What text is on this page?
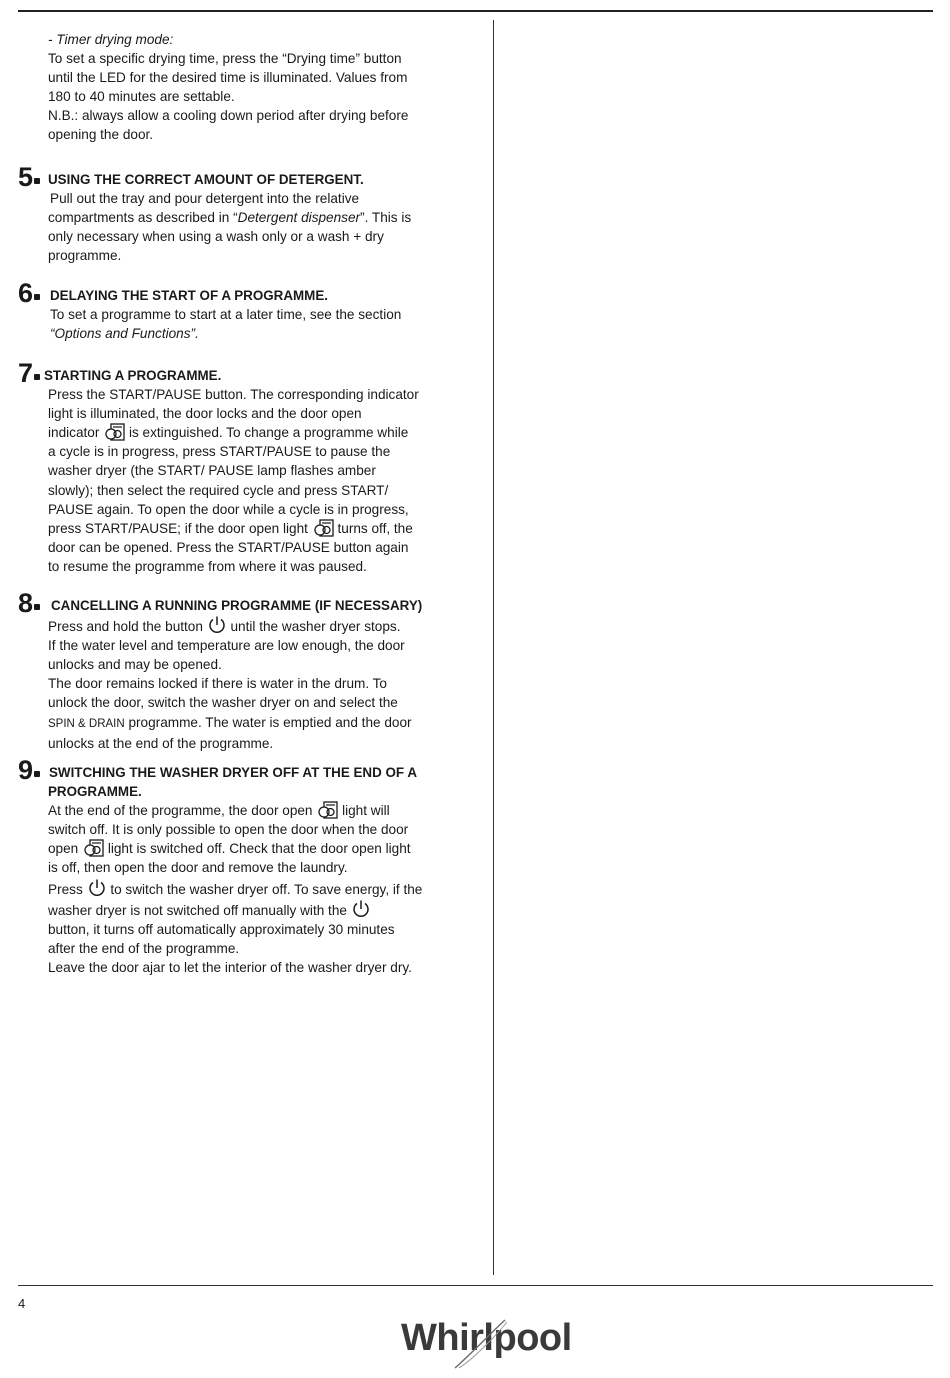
- Timer drying mode:
To set a specific drying time, press the “Drying time” button
until the LED for the desired time is illuminated. Values from
180 to 40 minutes are settable.
N.B.: always allow a cooling down period after drying before
opening the door.
5	USING THE CORRECT AMOUNT OF DETERGENT.
Pull out the tray and pour detergent into the relative
compartments as described in “Detergent dispenser”. This is
only necessary when using a wash only or a wash + dry
programme.
6	DELAYING THE START OF A PROGRAMME.
To set a programme to start at a later time, see the section
“Options and Functions”.
7 STARTING A PROGRAMME.
Press the START/PAUSE button. The corresponding indicator
light is illuminated, the door locks and the door open
indicator is extinguished. To change a programme while
a cycle is in progress, press START/PAUSE to pause the
washer dryer (the START/ PAUSE lamp flashes amber
slowly); then select the required cycle and press START/
PAUSE again. To open the door while a cycle is in progress,
press START/PAUSE; if the door open light turns off, the
door can be opened. Press the START/PAUSE button again
to resume the programme from where it was paused.
8	CANCELLING A RUNNING PROGRAMME (IF NECESSARY)
Press and hold the button until the washer dryer stops.
If the water level and temperature are low enough, the door
unlocks and may be opened.
The door remains locked if there is water in the drum. To
unlock the door, switch the washer dryer on and select the
SPIN & DRAIN programme. The water is emptied and the door
unlocks at the end of the programme.
9	SWITCHING THE WASHER DRYER OFF AT THE END OF A
PROGRAMME.
At the end of the programme, the door open light will
switch off. It is only possible to open the door when the door
open light is switched off. Check that the door open light
is off, then open the door and remove the laundry.
Press to switch the washer dryer off. To save energy, if the
washer dryer is not switched off manually with the
button, it turns off automatically approximately 30 minutes
after the end of the programme.
Leave the door ajar to let the interior of the washer dryer dry.
4
Whirlpool
